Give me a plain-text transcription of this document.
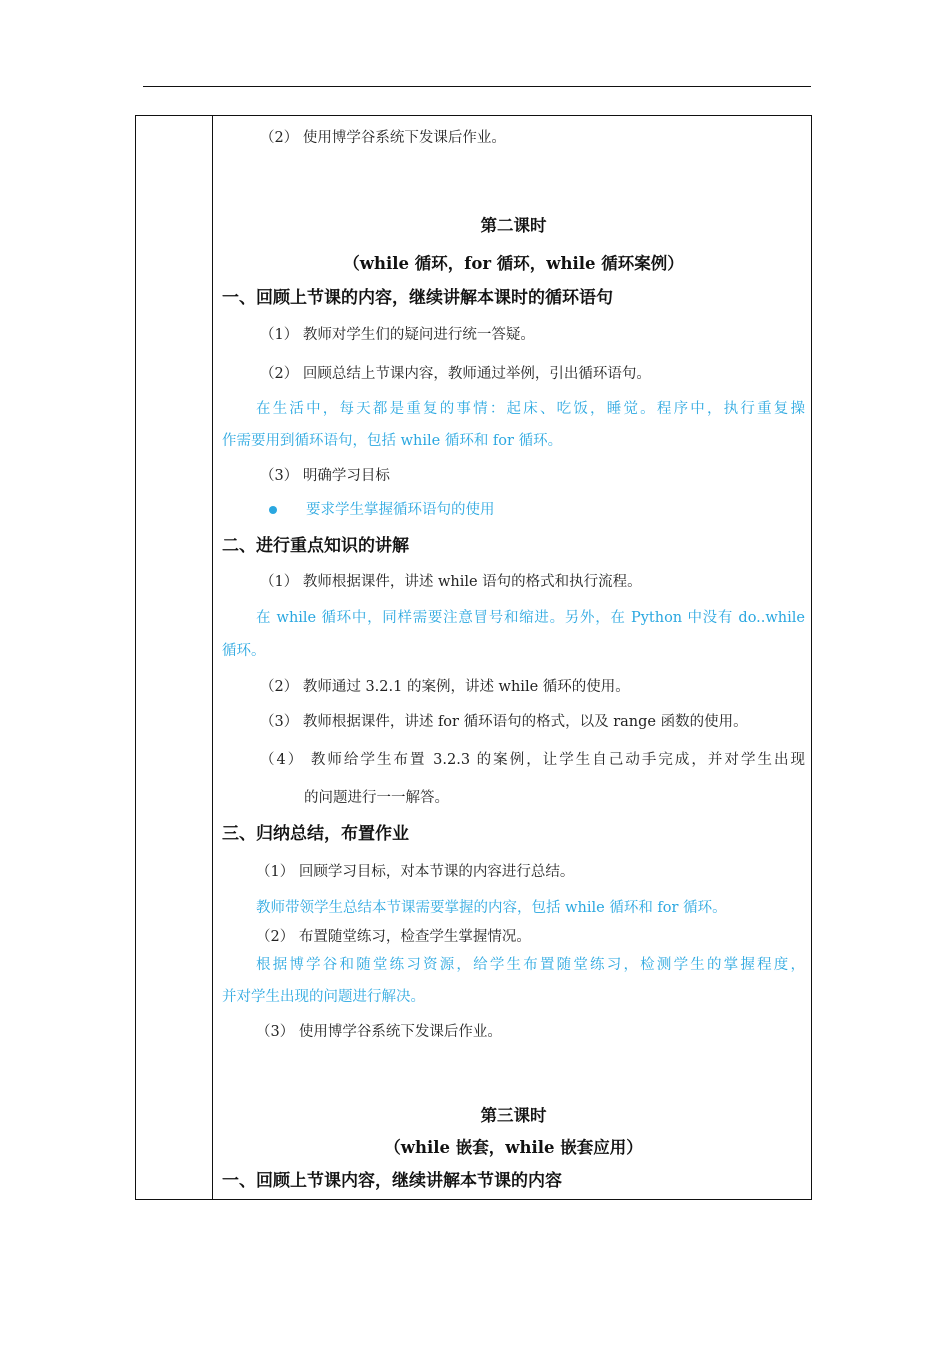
（2） 使用博学谷系统下发课后作业。
第二课时
（while 循环，for 循环，while 循环案例）
一、回顾上节课的内容，继续讲解本课时的循环语句
（1） 教师对学生们的疑问进行统一答疑。
（2） 回顾总结上节课内容，教师通过举例，引出循环语句。
在生活中，每天都是重复的事情：起床、吃饭，睡觉。程序中，执行重复操
作需要用到循环语句，包括 while 循环和 for 循环。
（3） 明确学习目标
要求学生掌握循环语句的使用
二、进行重点知识的讲解
（1） 教师根据课件，讲述 while 语句的格式和执行流程。
在 while 循环中，同样需要注意冒号和缩进。另外，在 Python 中没有 do..while
循环。
（2） 教师通过 3.2.1 的案例，讲述 while 循环的使用。
（3） 教师根据课件，讲述 for 循环语句的格式，以及 range 函数的使用。
（4） 教师给学生布置 3.2.3 的案例，让学生自己动手完成，并对学生出现
的问题进行一一解答。
三、归纳总结，布置作业
（1） 回顾学习目标，对本节课的内容进行总结。
教师带领学生总结本节课需要掌握的内容，包括 while 循环和 for 循环。
（2） 布置随堂练习，检查学生掌握情况。
根据博学谷和随堂练习资源，给学生布置随堂练习，检测学生的掌握程度，
并对学生出现的问题进行解决。
（3） 使用博学谷系统下发课后作业。
第三课时
（while 嵌套，while 嵌套应用）
一、回顾上节课内容，继续讲解本节课的内容
